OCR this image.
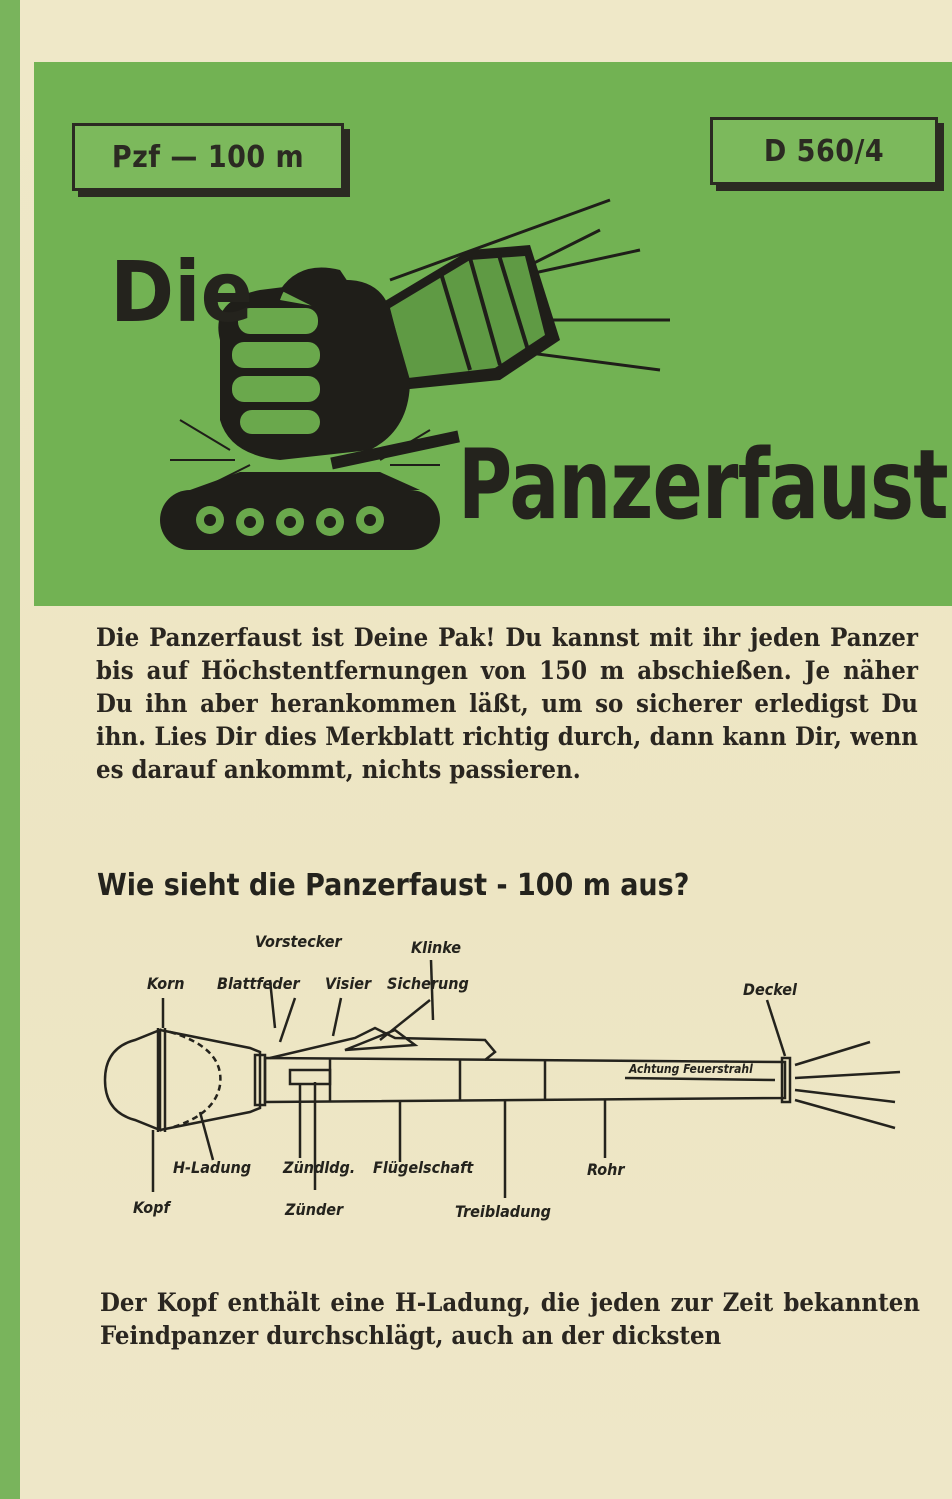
Pzf — 100 m	D 560/4
Die
Panzerfaust

Die Panzerfaust ist Deine Pak! Du kannst mit ihr jeden Panzer bis auf Höchstentfernungen von 150 m abschießen. Je näher Du ihn aber herankommen läßt, um so sicherer erledigst Du ihn. Lies Dir dies Merkblatt richtig durch, dann kann Dir, wenn es darauf ankommt, nichts passieren.

Wie sieht die Panzerfaust - 100 m aus?
Vorstecker	Klinke
Korn Blattfeder Visier Sicherung	Deckel
Achtung Feuerstrahl
H-Ladung Zündldg. Flügelschaft	Rohr
Kopf	Zünder	Treibladung

Der Kopf enthält eine H-Ladung, die jeden zur Zeit bekannten Feindpanzer durchschlägt, auch an der dicksten
